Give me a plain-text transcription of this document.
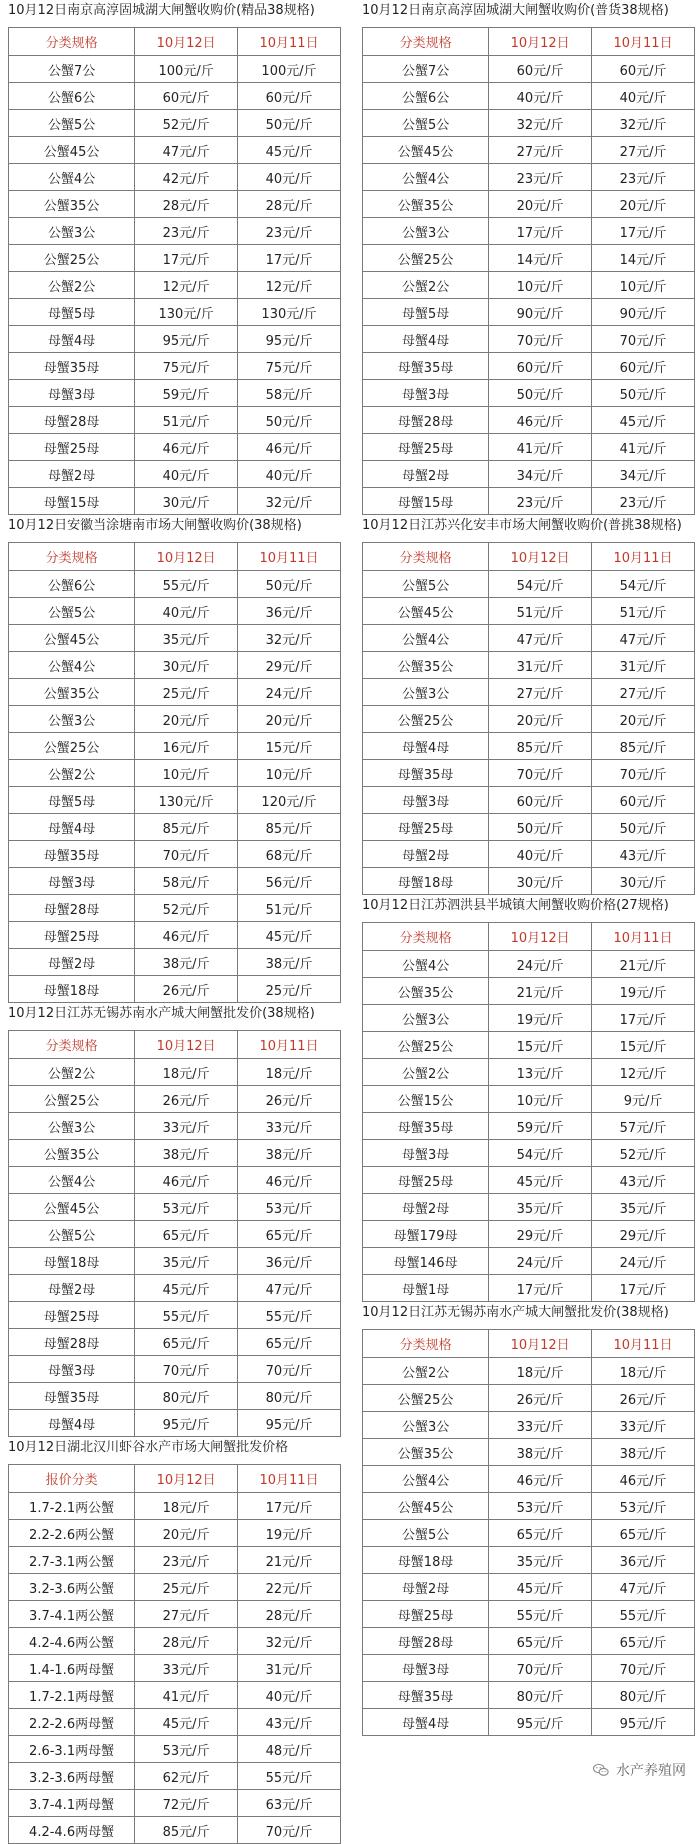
10月12日南京高淳固城湖大闸蟹收购价(精品38规格)
分类规格	10月12日	10月11日
公蟹7公	100元/斤	100元/斤
公蟹6公	60元/斤	60元/斤
公蟹5公	52元/斤	50元/斤
公蟹45公	47元/斤	45元/斤
公蟹4公	42元/斤	40元/斤
公蟹35公	28元/斤	28元/斤
公蟹3公	23元/斤	23元/斤
公蟹25公	17元/斤	17元/斤
公蟹2公	12元/斤	12元/斤
母蟹5母	130元/斤	130元/斤
母蟹4母	95元/斤	95元/斤
母蟹35母	75元/斤	75元/斤
母蟹3母	59元/斤	58元/斤
母蟹28母	51元/斤	50元/斤
母蟹25母	46元/斤	46元/斤
母蟹2母	40元/斤	40元/斤
母蟹15母	30元/斤	32元/斤
10月12日安徽当涂塘南市场大闸蟹收购价(38规格)
分类规格	10月12日	10月11日
公蟹6公	55元/斤	50元/斤
公蟹5公	40元/斤	36元/斤
公蟹45公	35元/斤	32元/斤
公蟹4公	30元/斤	29元/斤
公蟹35公	25元/斤	24元/斤
公蟹3公	20元/斤	20元/斤
公蟹25公	16元/斤	15元/斤
公蟹2公	10元/斤	10元/斤
母蟹5母	130元/斤	120元/斤
母蟹4母	85元/斤	85元/斤
母蟹35母	70元/斤	68元/斤
母蟹3母	58元/斤	56元/斤
母蟹28母	52元/斤	51元/斤
母蟹25母	46元/斤	45元/斤
母蟹2母	38元/斤	38元/斤
母蟹18母	26元/斤	25元/斤
10月12日江苏无锡苏南水产城大闸蟹批发价(38规格)
分类规格	10月12日	10月11日
公蟹2公	18元/斤	18元/斤
公蟹25公	26元/斤	26元/斤
公蟹3公	33元/斤	33元/斤
公蟹35公	38元/斤	38元/斤
公蟹4公	46元/斤	46元/斤
公蟹45公	53元/斤	53元/斤
公蟹5公	65元/斤	65元/斤
母蟹18母	35元/斤	36元/斤
母蟹2母	45元/斤	47元/斤
母蟹25母	55元/斤	55元/斤
母蟹28母	65元/斤	65元/斤
母蟹3母	70元/斤	70元/斤
母蟹35母	80元/斤	80元/斤
母蟹4母	95元/斤	95元/斤
10月12日湖北汉川虾谷水产市场大闸蟹批发价格
报价分类	10月12日	10月11日
1.7-2.1两公蟹	18元/斤	17元/斤
2.2-2.6两公蟹	20元/斤	19元/斤
2.7-3.1两公蟹	23元/斤	21元/斤
3.2-3.6两公蟹	25元/斤	22元/斤
3.7-4.1两公蟹	27元/斤	28元/斤
4.2-4.6两公蟹	28元/斤	32元/斤
1.4-1.6两母蟹	33元/斤	31元/斤
1.7-2.1两母蟹	41元/斤	40元/斤
2.2-2.6两母蟹	45元/斤	43元/斤
2.6-3.1两母蟹	53元/斤	48元/斤
3.2-3.6两母蟹	62元/斤	55元/斤
3.7-4.1两母蟹	72元/斤	63元/斤
4.2-4.6两母蟹	85元/斤	70元/斤
10月12日南京高淳固城湖大闸蟹收购价(普货38规格)
分类规格	10月12日	10月11日
公蟹7公	60元/斤	60元/斤
公蟹6公	40元/斤	40元/斤
公蟹5公	32元/斤	32元/斤
公蟹45公	27元/斤	27元/斤
公蟹4公	23元/斤	23元/斤
公蟹35公	20元/斤	20元/斤
公蟹3公	17元/斤	17元/斤
公蟹25公	14元/斤	14元/斤
公蟹2公	10元/斤	10元/斤
母蟹5母	90元/斤	90元/斤
母蟹4母	70元/斤	70元/斤
母蟹35母	60元/斤	60元/斤
母蟹3母	50元/斤	50元/斤
母蟹28母	46元/斤	45元/斤
母蟹25母	41元/斤	41元/斤
母蟹2母	34元/斤	34元/斤
母蟹15母	23元/斤	23元/斤
10月12日江苏兴化安丰市场大闸蟹收购价(普挑38规格)
分类规格	10月12日	10月11日
公蟹5公	54元/斤	54元/斤
公蟹45公	51元/斤	51元/斤
公蟹4公	47元/斤	47元/斤
公蟹35公	31元/斤	31元/斤
公蟹3公	27元/斤	27元/斤
公蟹25公	20元/斤	20元/斤
母蟹4母	85元/斤	85元/斤
母蟹35母	70元/斤	70元/斤
母蟹3母	60元/斤	60元/斤
母蟹25母	50元/斤	50元/斤
母蟹2母	40元/斤	43元/斤
母蟹18母	30元/斤	30元/斤
10月12日江苏泗洪县半城镇大闸蟹收购价格(27规格)
分类规格	10月12日	10月11日
公蟹4公	24元/斤	21元/斤
公蟹35公	21元/斤	19元/斤
公蟹3公	19元/斤	17元/斤
公蟹25公	15元/斤	15元/斤
公蟹2公	13元/斤	12元/斤
公蟹15公	10元/斤	9元/斤
母蟹35母	59元/斤	57元/斤
母蟹3母	54元/斤	52元/斤
母蟹25母	45元/斤	43元/斤
母蟹2母	35元/斤	35元/斤
母蟹179母	29元/斤	29元/斤
母蟹146母	24元/斤	24元/斤
母蟹1母	17元/斤	17元/斤
10月12日江苏无锡苏南水产城大闸蟹批发价(38规格)
分类规格	10月12日	10月11日
公蟹2公	18元/斤	18元/斤
公蟹25公	26元/斤	26元/斤
公蟹3公	33元/斤	33元/斤
公蟹35公	38元/斤	38元/斤
公蟹4公	46元/斤	46元/斤
公蟹45公	53元/斤	53元/斤
公蟹5公	65元/斤	65元/斤
母蟹18母	35元/斤	36元/斤
母蟹2母	45元/斤	47元/斤
母蟹25母	55元/斤	55元/斤
母蟹28母	65元/斤	65元/斤
母蟹3母	70元/斤	70元/斤
母蟹35母	80元/斤	80元/斤
母蟹4母	95元/斤	95元/斤
水产养殖网
